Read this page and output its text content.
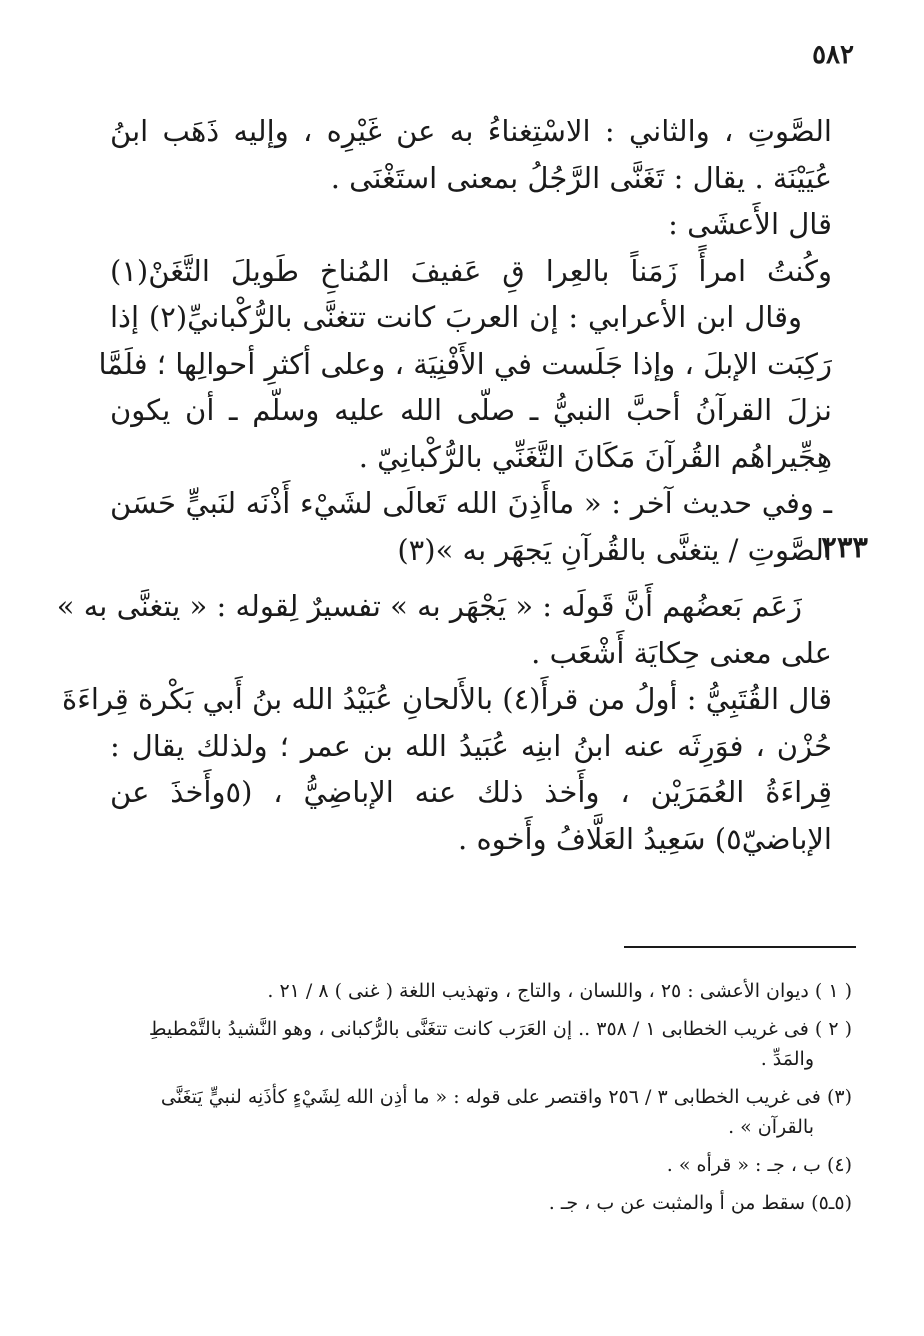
٥٨٢
الصَّوتِ ، والثاني : الاسْتِغناءُ به عن غَيْرِه ، وإليه ذَهَب ابنُ
عُيَيْنَة . يقال : تَغَنَّى الرَّجُلُ بمعنى استَغْنَى .
قال الأَعشَى :
وكُنتُ امرأً زَمَناً بالعِرا قِ عَفيفَ المُناخِ طَويلَ التَّغَنْ(١)
وقال ابن الأعرابي : إن العربَ كانت تتغنَّى بالرُّكْبانيِّ(٢) إذا
رَكِبَت الإبلَ ، وإذا جَلَست في الأَفْنِيَة ، وعلى أكثرِ أحوالِها ؛ فلَمَّا
نزلَ القرآنُ أحبَّ النبيُّ ـ صلّى الله عليه وسلّم ـ أن يكون
هِجِّيراهُم القُرآنَ مَكَانَ التَّغَنِّي بالرُّكْبانِيّ .
ـ وفي حديث آخر : « ماأَذِنَ الله تَعالَى لشَيْء أَذْنَه لنَبيٍّ حَسَن
الصَّوتِ / يتغنَّى بالقُرآنِ يَجهَر به »(٣)
زَعَم بَعضُهم أَنَّ قَولَه : « يَجْهَر به » تفسيرٌ لِقوله : « يتغنَّى به »
على معنى حِكايَة أَشْعَب .
قال القُتَبِيُّ : أولُ من قرأَ(٤) بالأَلحانِ عُبَيْدُ الله بنُ أَبي بَكْرة قِراءَةَ
حُزْن ، فوَرِثَه عنه ابنُ ابنِه عُبَيدُ الله بن عمر ؛ ولذلك يقال :
قِراءَةُ العُمَرَيْن ، وأَخذ ذلك عنه الإباضِيُّ ، (٥وأَخذَ عن
الإباضيّ٥) سَعِيدُ العَلَّافُ وأَخوه .
٢٣٣
( ١ ) ديوان الأعشى : ٢٥ ، واللسان ، والتاج ، وتهذيب اللغة ( غنى ) ٨ / ٢١ .
( ٢ ) فى غريب الخطابى ١ / ٣٥٨ .. إن العَرَب كانت تتغَنَّى بالرُّكبانى ، وهو النَّشيدُ بالتَّمْطيطِ
والمَدِّ .
(٣) فى غريب الخطابى ٣ / ٢٥٦ واقتصر على قوله : « ما أذِن الله لِشَيْءٍ كأذَنِه لنبيٍّ يَتغَنَّى
بالقرآن » .
(٤) ب ، جـ : « قرأه » .
(٥ـ٥) سقط من أ والمثبت عن ب ، جـ .
